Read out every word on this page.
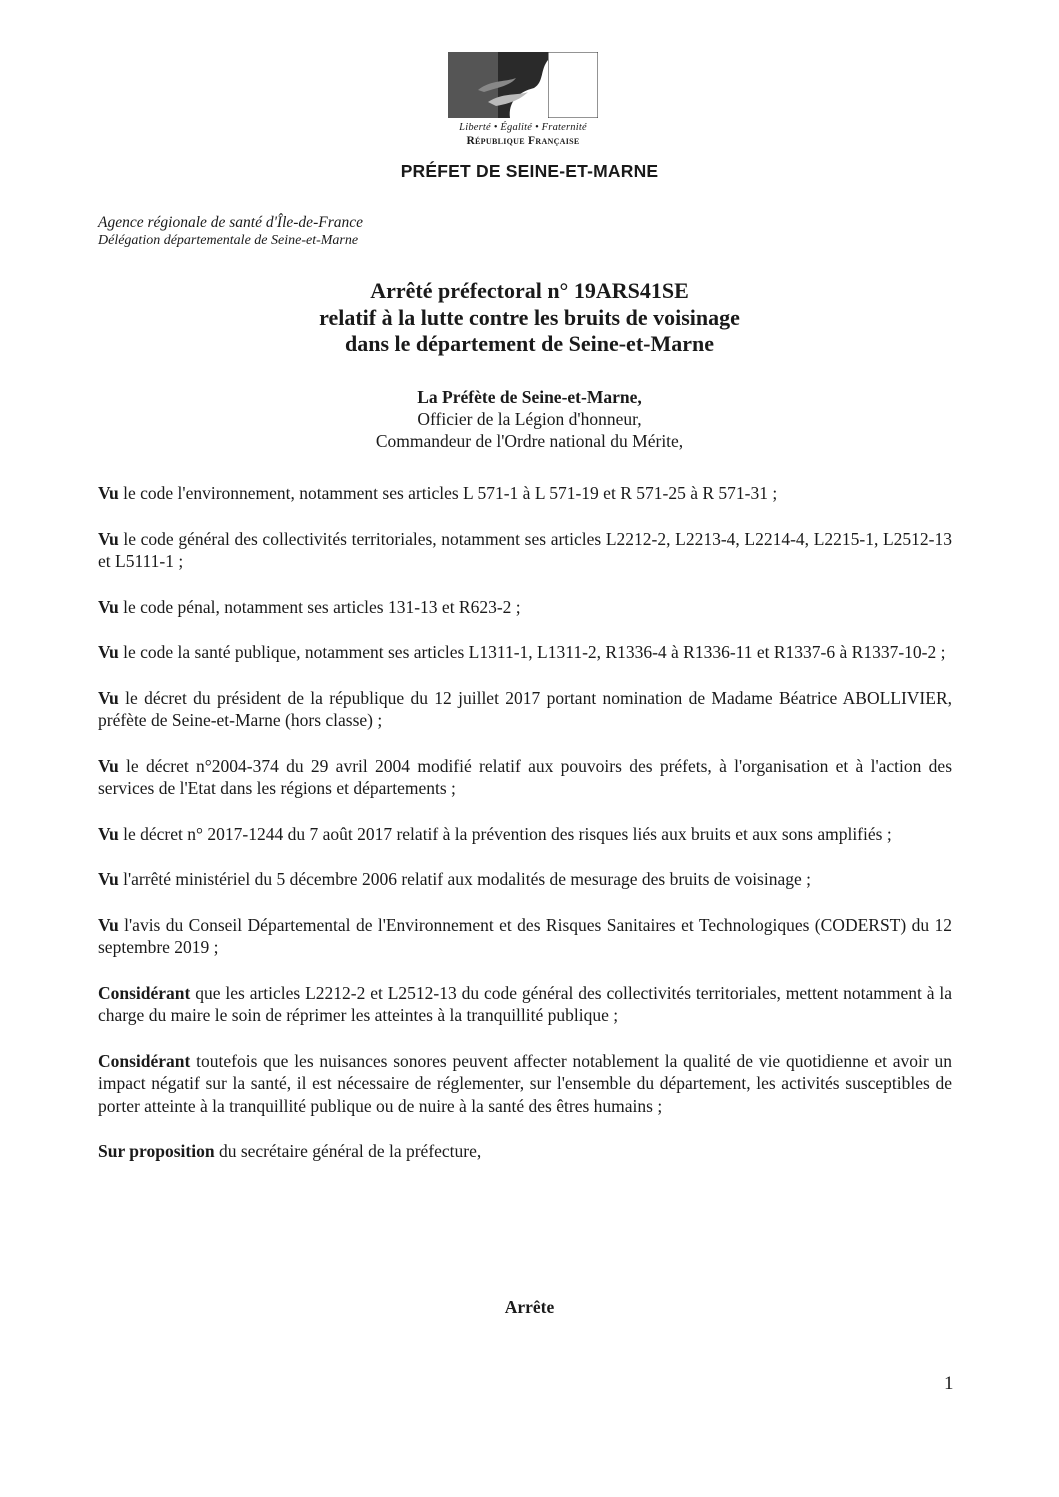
Liberté • Égalité • Fraternité
République Française
PRÉFET DE SEINE-ET-MARNE
Agence régionale de santé d'Île-de-France
Délégation départementale de Seine-et-Marne
Arrêté préfectoral n° 19ARS41SE
relatif à la lutte contre les bruits de voisinage
dans le département de Seine-et-Marne
La Préfète de Seine-et-Marne,
Officier de la Légion d'honneur,
Commandeur de l'Ordre national du Mérite,

Vu le code l'environnement, notamment ses articles L 571-1 à L 571-19 et R 571-25 à R 571-31 ;

Vu le code général des collectivités territoriales, notamment ses articles L2212-2, L2213-4, L2214-4, L2215-1, L2512-13 et L5111-1 ;

Vu le code pénal, notamment ses articles 131-13 et R623-2 ;

Vu le code la santé publique, notamment ses articles L1311-1, L1311-2, R1336-4 à R1336-11 et R1337-6 à R1337-10-2 ;

Vu le décret du président de la république du 12 juillet 2017 portant nomination de Madame Béatrice ABOLLIVIER, préfète de Seine-et-Marne (hors classe) ;

Vu le décret n°2004-374 du 29 avril 2004 modifié relatif aux pouvoirs des préfets, à l'organisation et à l'action des services de l'Etat dans les régions et départements ;

Vu le décret n° 2017-1244 du 7 août 2017 relatif à la prévention des risques liés aux bruits et aux sons amplifiés ;

Vu l'arrêté ministériel du 5 décembre 2006 relatif aux modalités de mesurage des bruits de voisinage ;

Vu l'avis du Conseil Départemental de l'Environnement et des Risques Sanitaires et Technologiques (CODERST) du 12 septembre 2019 ;

Considérant que les articles L2212-2 et L2512-13 du code général des collectivités territoriales, mettent notamment à la charge du maire le soin de réprimer les atteintes à la tranquillité publique ;

Considérant toutefois que les nuisances sonores peuvent affecter notablement la qualité de vie quotidienne et avoir un impact négatif sur la santé, il est nécessaire de réglementer, sur l'ensemble du département, les activités susceptibles de porter atteinte à la tranquillité publique ou de nuire à la santé des êtres humains ;

Sur proposition du secrétaire général de la préfecture,

Arrête
1
